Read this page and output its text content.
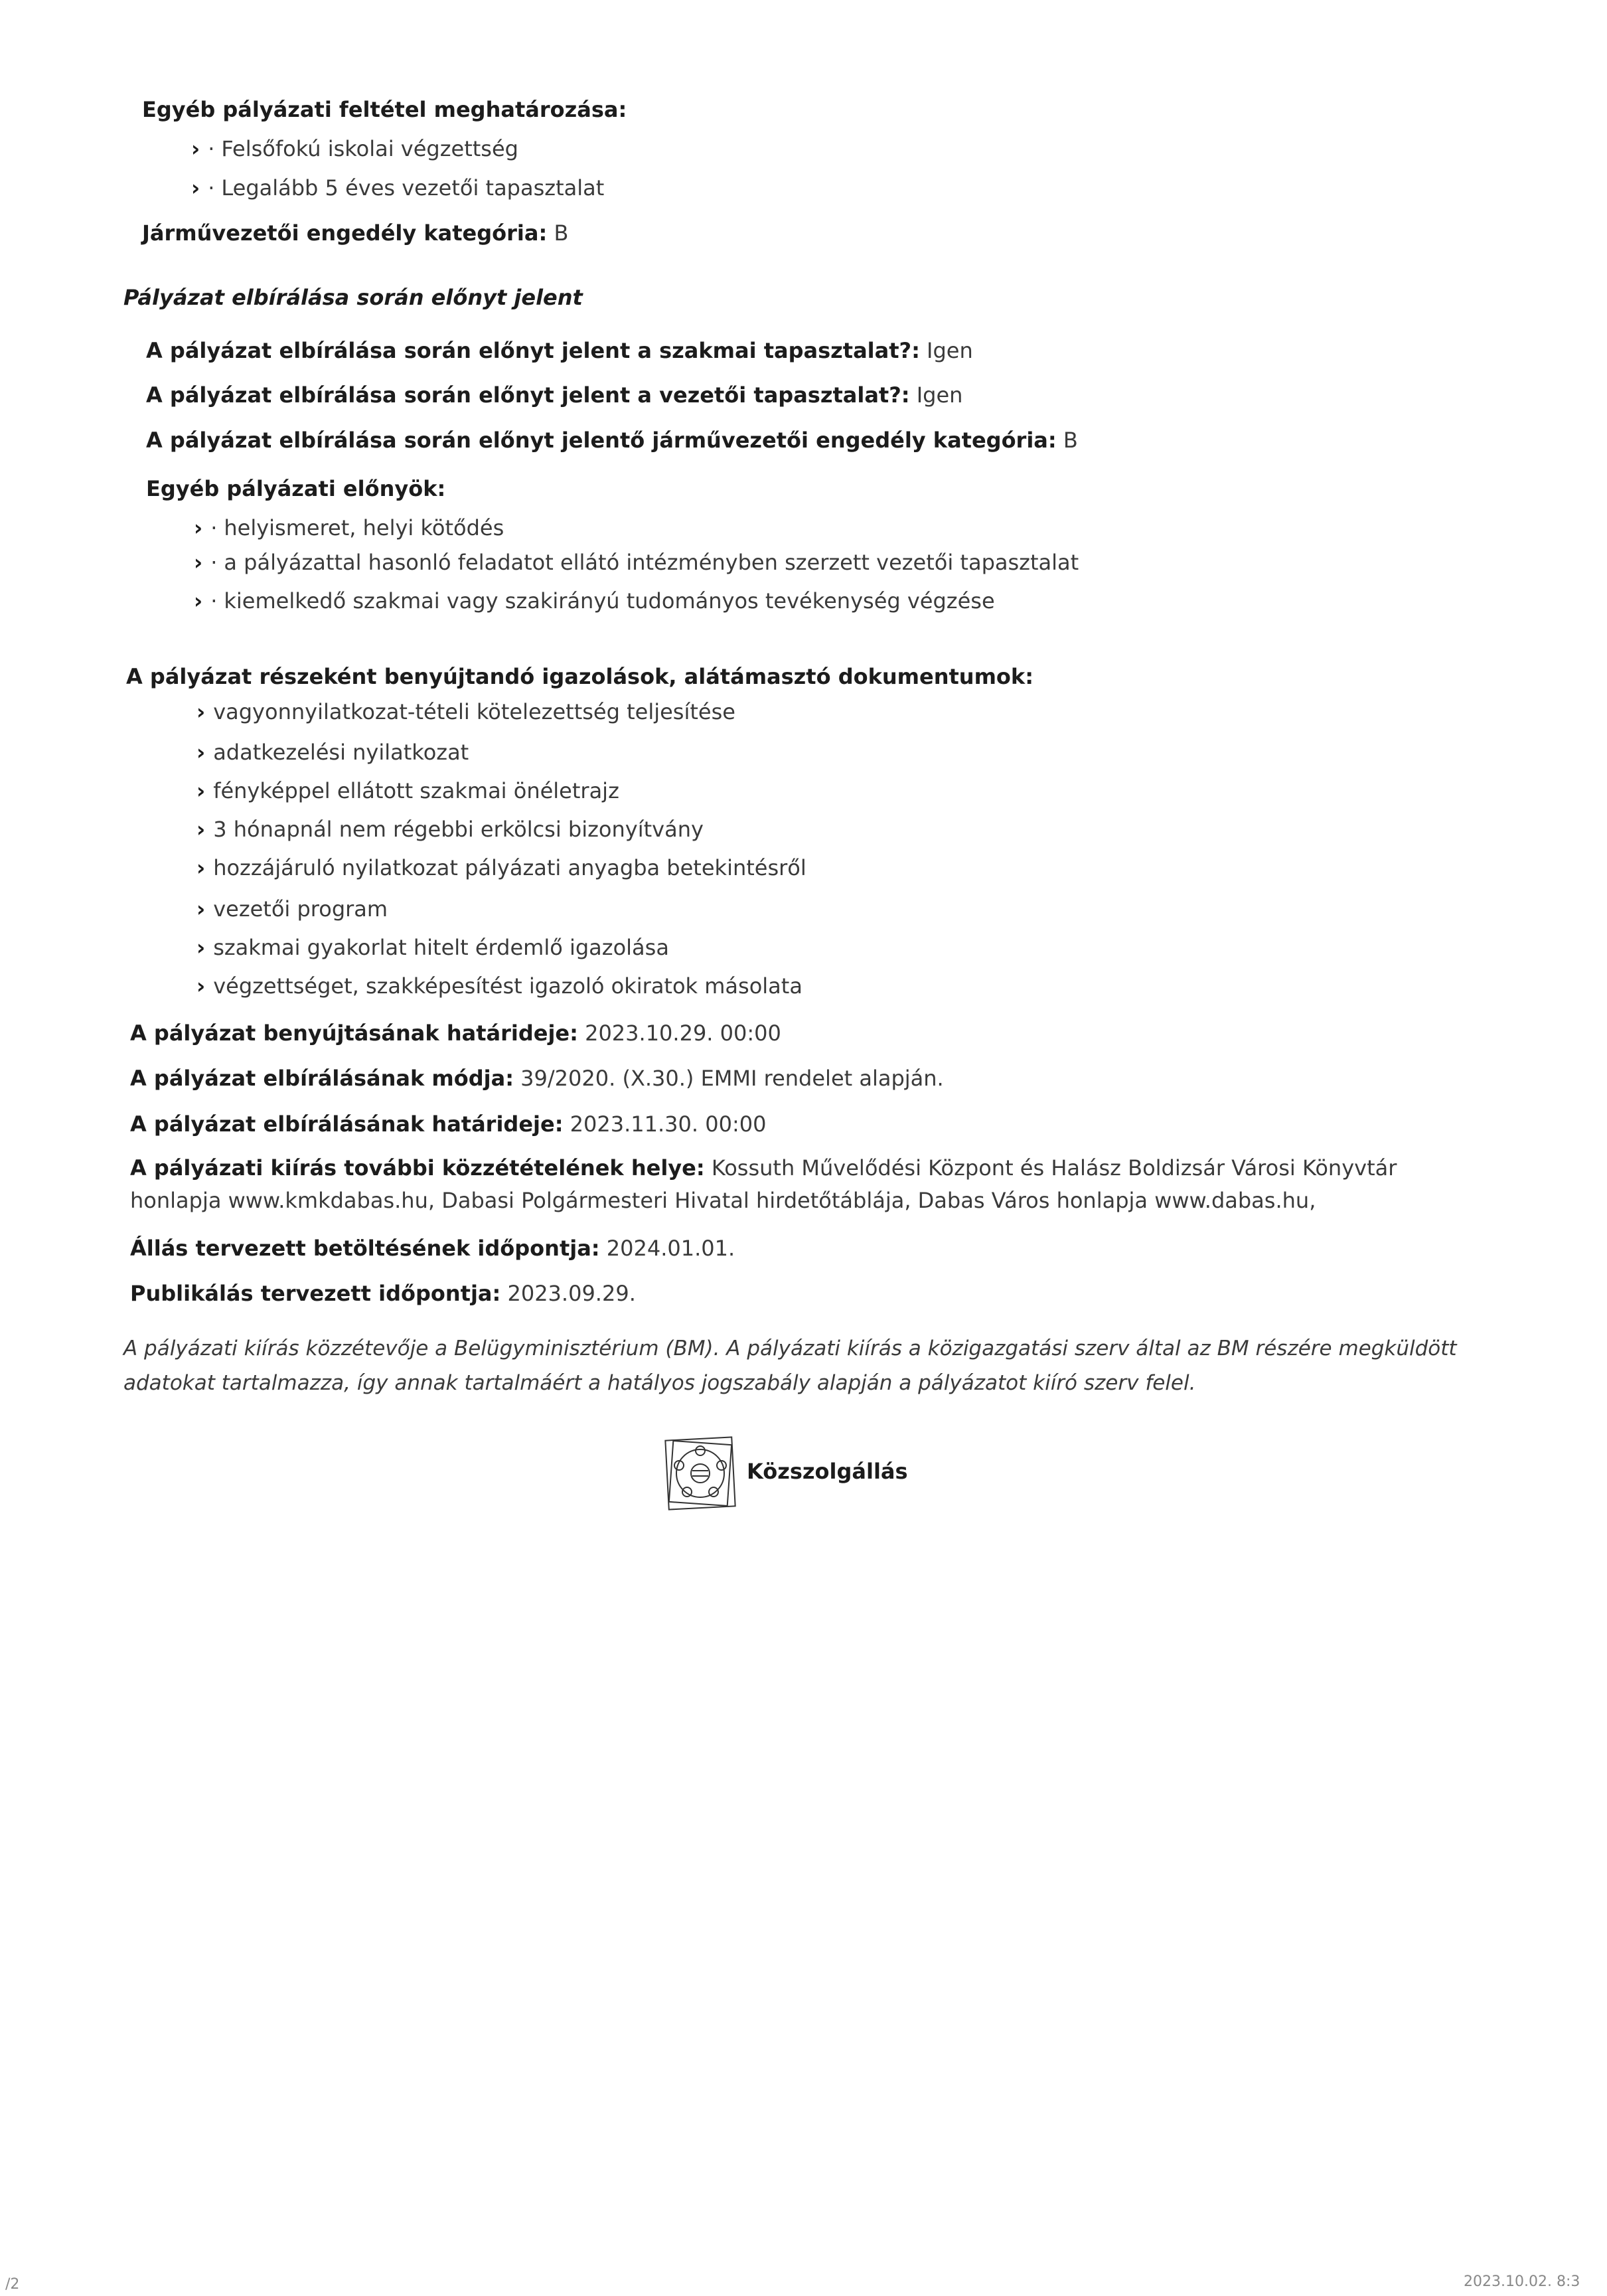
Egyéb pályázati feltétel meghatározása:
› · Felsőfokú iskolai végzettség
› · Legalább 5 éves vezetői tapasztalat
Járművezetői engedély kategória: B
Pályázat elbírálása során előnyt jelent
A pályázat elbírálása során előnyt jelent a szakmai tapasztalat?: Igen
A pályázat elbírálása során előnyt jelent a vezetői tapasztalat?: Igen
A pályázat elbírálása során előnyt jelentő járművezetői engedély kategória: B
Egyéb pályázati előnyök:
› · helyismeret, helyi kötődés
› · a pályázattal hasonló feladatot ellátó intézményben szerzett vezetői tapasztalat
› · kiemelkedő szakmai vagy szakirányú tudományos tevékenység végzése
A pályázat részeként benyújtandó igazolások, alátámasztó dokumentumok:
› vagyonnyilatkozat-tételi kötelezettség teljesítése
› adatkezelési nyilatkozat
› fényképpel ellátott szakmai önéletrajz
› 3 hónapnál nem régebbi erkölcsi bizonyítvány
› hozzájáruló nyilatkozat pályázati anyagba betekintésről
› vezetői program
› szakmai gyakorlat hitelt érdemlő igazolása
› végzettséget, szakképesítést igazoló okiratok másolata
A pályázat benyújtásának határideje: 2023.10.29. 00:00
A pályázat elbírálásának módja: 39/2020. (X.30.) EMMI rendelet alapján.
A pályázat elbírálásának határideje: 2023.11.30. 00:00
A pályázati kiírás további közzétételének helye: Kossuth Művelődési Központ és Halász Boldizsár Városi Könyvtár
honlapja www.kmkdabas.hu, Dabasi Polgármesteri Hivatal hirdetőtáblája, Dabas Város honlapja www.dabas.hu,
Állás tervezett betöltésének időpontja: 2024.01.01.
Publikálás tervezett időpontja: 2023.09.29.
A pályázati kiírás közzétevője a Belügyminisztérium (BM). A pályázati kiírás a közigazgatási szerv által az BM részére megküldött adatokat tartalmazza, így annak tartalmáért a hatályos jogszabály alapján a pályázatot kiíró szerv felel.
Közszolgállás
/2	2023.10.02. 8:3
